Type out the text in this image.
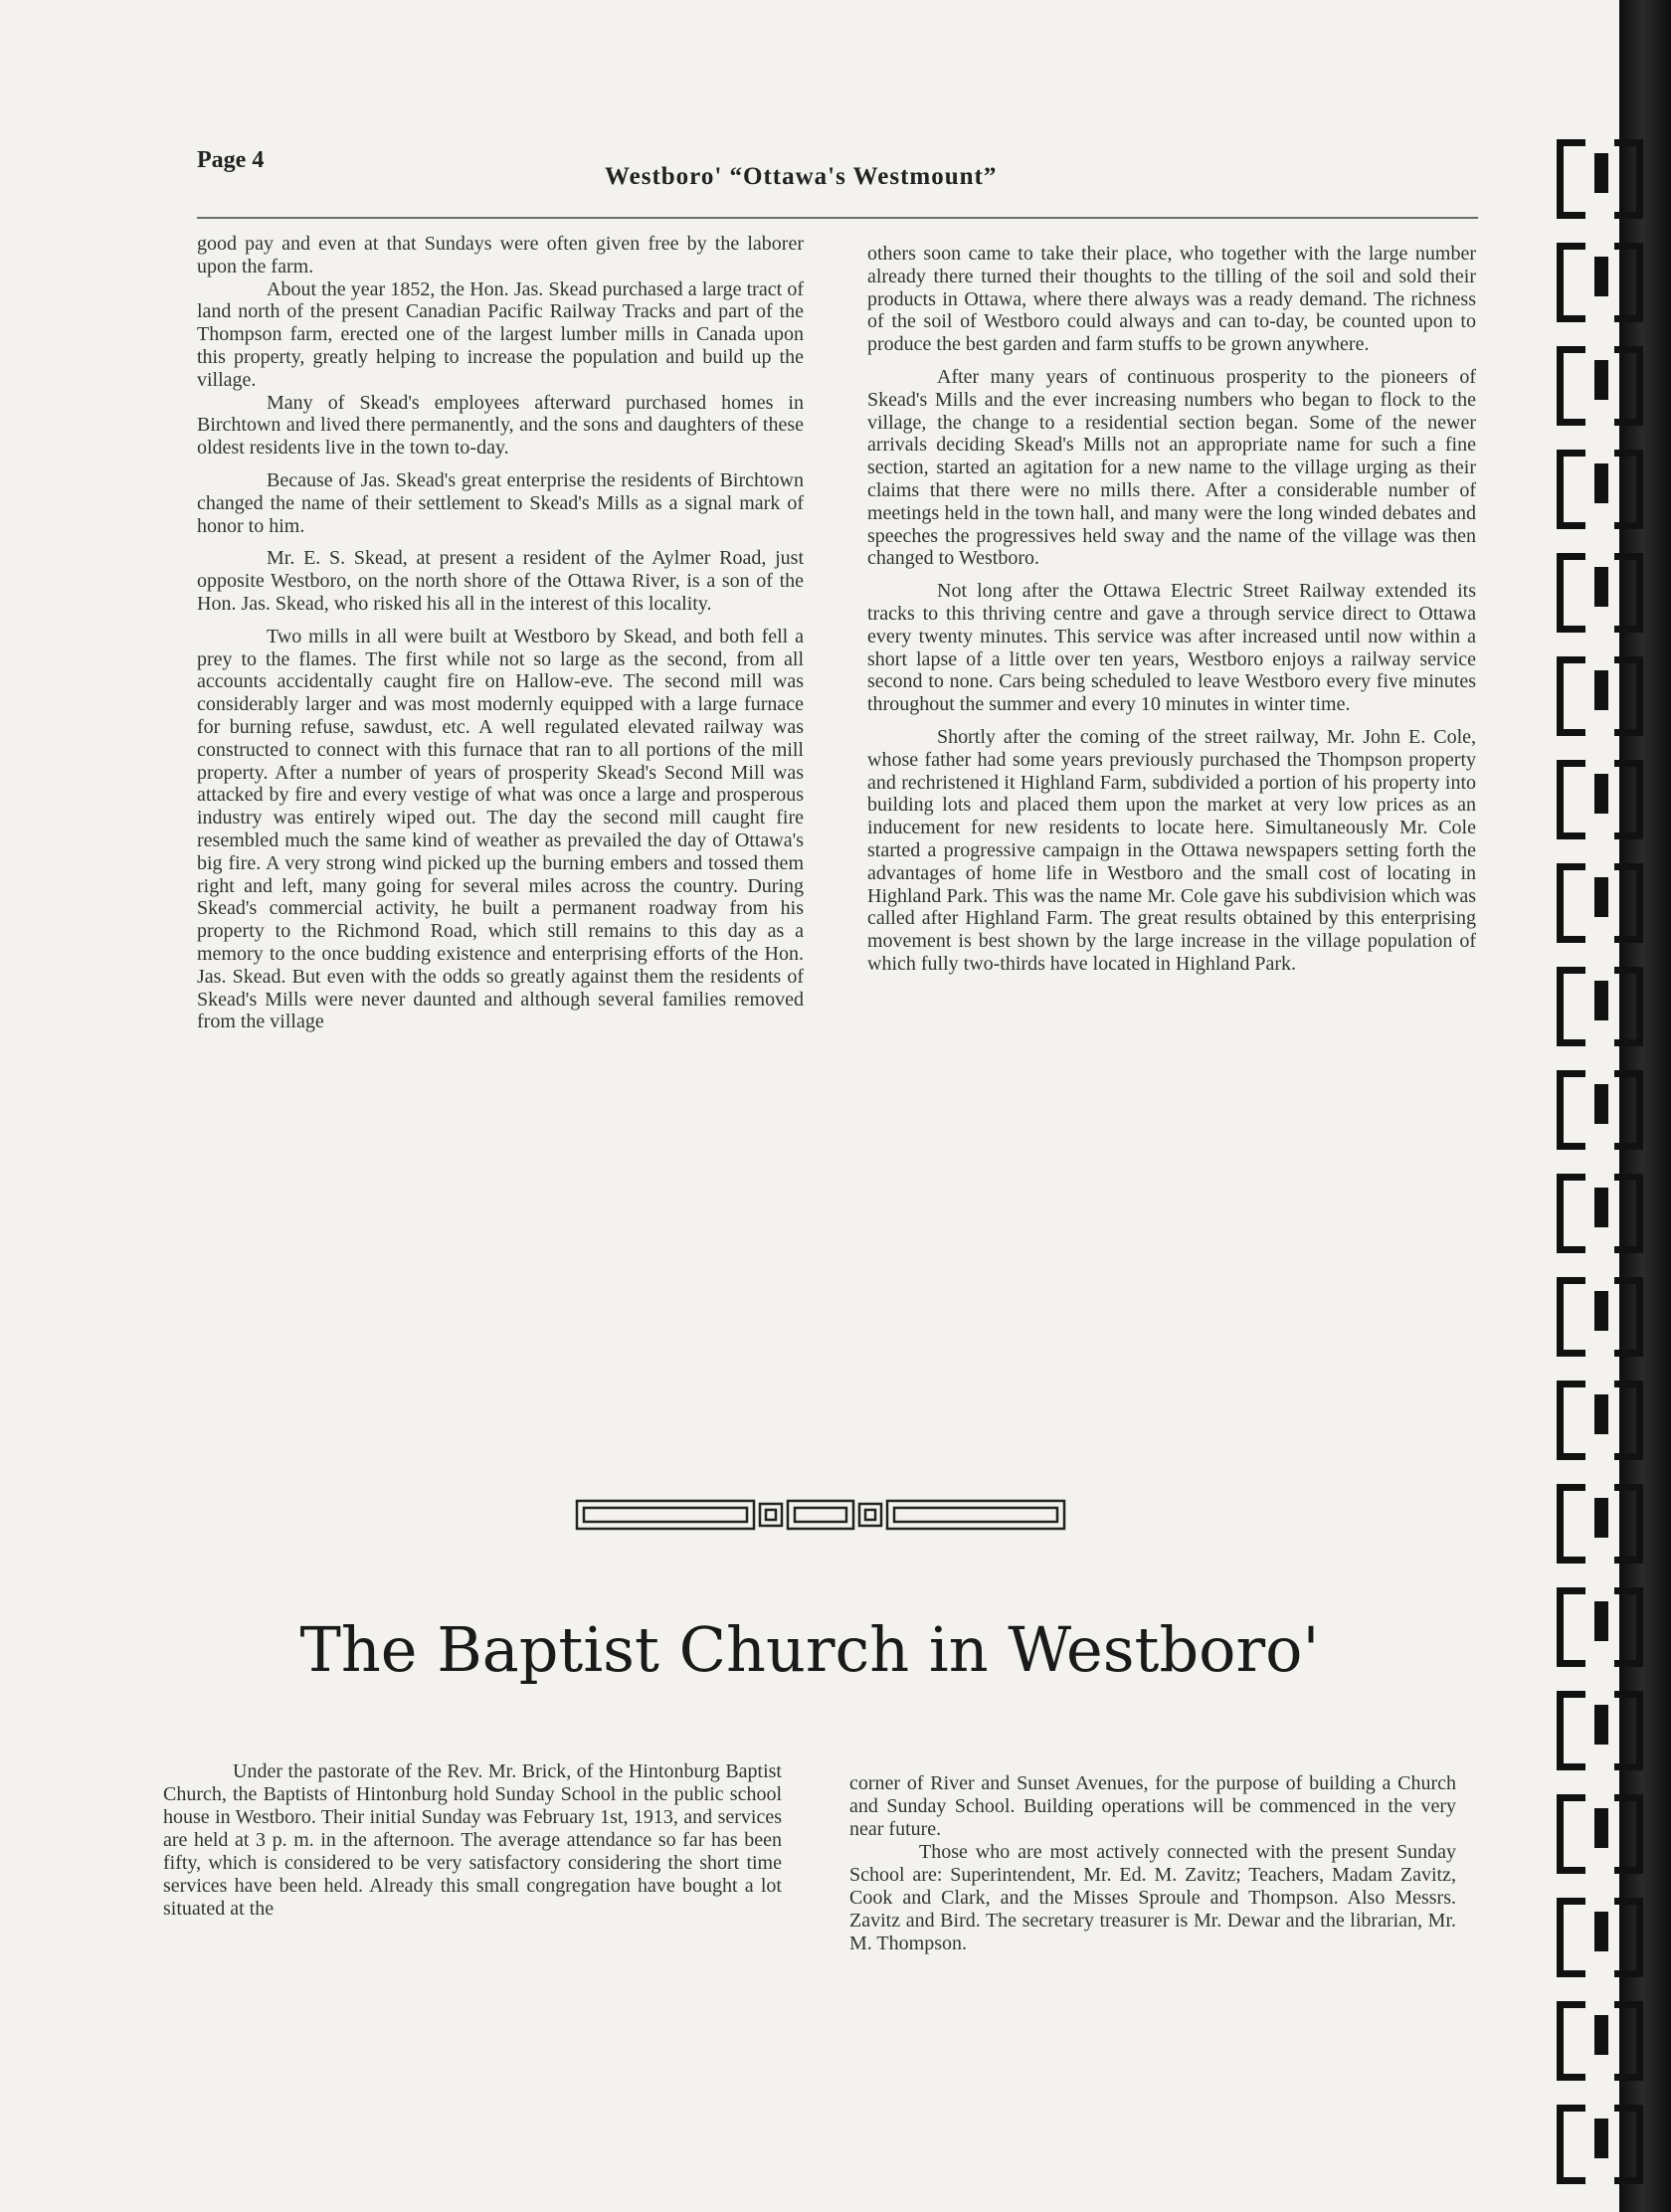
Page 4
Westboro' “Ottawa's Westmount”

good pay and even at that Sundays were often given free by the laborer upon the farm.

About the year 1852, the Hon. Jas. Skead purchased a large tract of land north of the present Canadian Pacific Railway Tracks and part of the Thompson farm, erected one of the largest lumber mills in Canada upon this property, greatly helping to increase the population and build up the village.

Many of Skead's employees afterward purchased homes in Birchtown and lived there permanently, and the sons and daughters of these oldest residents live in the town to-day.

Because of Jas. Skead's great enterprise the residents of Birchtown changed the name of their settlement to Skead's Mills as a signal mark of honor to him.

Mr. E. S. Skead, at present a resident of the Aylmer Road, just opposite Westboro, on the north shore of the Ottawa River, is a son of the Hon. Jas. Skead, who risked his all in the interest of this locality.

Two mills in all were built at Westboro by Skead, and both fell a prey to the flames. The first while not so large as the second, from all accounts accidentally caught fire on Hallow-eve. The second mill was considerably larger and was most modernly equipped with a large furnace for burning refuse, sawdust, etc. A well regulated elevated railway was constructed to connect with this furnace that ran to all portions of the mill property. After a number of years of prosperity Skead's Second Mill was attacked by fire and every vestige of what was once a large and prosperous industry was entirely wiped out. The day the second mill caught fire resembled much the same kind of weather as prevailed the day of Ottawa's big fire. A very strong wind picked up the burning embers and tossed them right and left, many going for several miles across the country. During Skead's commercial activity, he built a permanent roadway from his property to the Richmond Road, which still remains to this day as a memory to the once budding existence and enterprising efforts of the Hon. Jas. Skead. But even with the odds so greatly against them the residents of Skead's Mills were never daunted and although several families removed from the village

others soon came to take their place, who together with the large number already there turned their thoughts to the tilling of the soil and sold their products in Ottawa, where there always was a ready demand. The richness of the soil of Westboro could always and can to-day, be counted upon to produce the best garden and farm stuffs to be grown anywhere.

After many years of continuous prosperity to the pioneers of Skead's Mills and the ever increasing numbers who began to flock to the village, the change to a residential section began. Some of the newer arrivals deciding Skead's Mills not an appropriate name for such a fine section, started an agitation for a new name to the village urging as their claims that there were no mills there. After a considerable number of meetings held in the town hall, and many were the long winded debates and speeches the progressives held sway and the name of the village was then changed to Westboro.

Not long after the Ottawa Electric Street Railway extended its tracks to this thriving centre and gave a through service direct to Ottawa every twenty minutes. This service was after increased until now within a short lapse of a little over ten years, Westboro enjoys a railway service second to none. Cars being scheduled to leave Westboro every five minutes throughout the summer and every 10 minutes in winter time.

Shortly after the coming of the street railway, Mr. John E. Cole, whose father had some years previously purchased the Thompson property and rechristened it Highland Farm, subdivided a portion of his property into building lots and placed them upon the market at very low prices as an inducement for new residents to locate here. Simultaneously Mr. Cole started a progressive campaign in the Ottawa newspapers setting forth the advantages of home life in Westboro and the small cost of locating in Highland Park. This was the name Mr. Cole gave his subdivision which was called after Highland Farm. The great results obtained by this enterprising movement is best shown by the large increase in the village population of which fully two-thirds have located in Highland Park.

The Baptist Church in Westboro'

Under the pastorate of the Rev. Mr. Brick, of the Hintonburg Baptist Church, the Baptists of Hintonburg hold Sunday School in the public school house in Westboro. Their initial Sunday was February 1st, 1913, and services are held at 3 p. m. in the afternoon. The average attendance so far has been fifty, which is considered to be very satisfactory considering the short time services have been held. Already this small congregation have bought a lot situated at the

corner of River and Sunset Avenues, for the purpose of building a Church and Sunday School. Building operations will be commenced in the very near future.

Those who are most actively connected with the present Sunday School are: Superintendent, Mr. Ed. M. Zavitz; Teachers, Madam Zavitz, Cook and Clark, and the Misses Sproule and Thompson. Also Messrs. Zavitz and Bird. The secretary treasurer is Mr. Dewar and the librarian, Mr. M. Thompson.
